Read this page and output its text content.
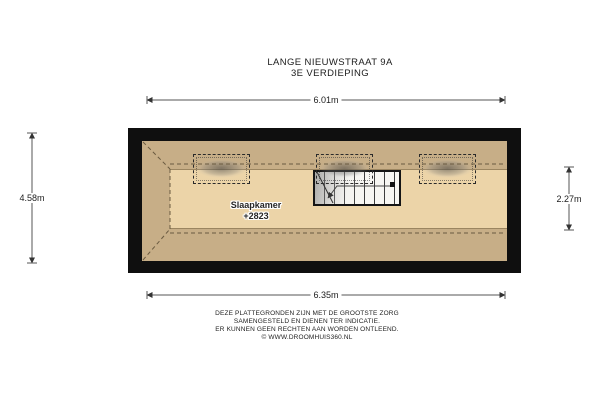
LANGE NIEUWSTRAAT 9A
3E VERDIEPING
6.01m
6.35m
4.58m	2.27m
Slaapkamer
+2823
DEZE PLATTEGRONDEN ZIJN MET DE GROOTSTE ZORG
SAMENGESTELD EN DIENEN TER INDICATIE.
ER KUNNEN GEEN RECHTEN AAN WORDEN ONTLEEND.
© WWW.DROOMHUIS360.NL
